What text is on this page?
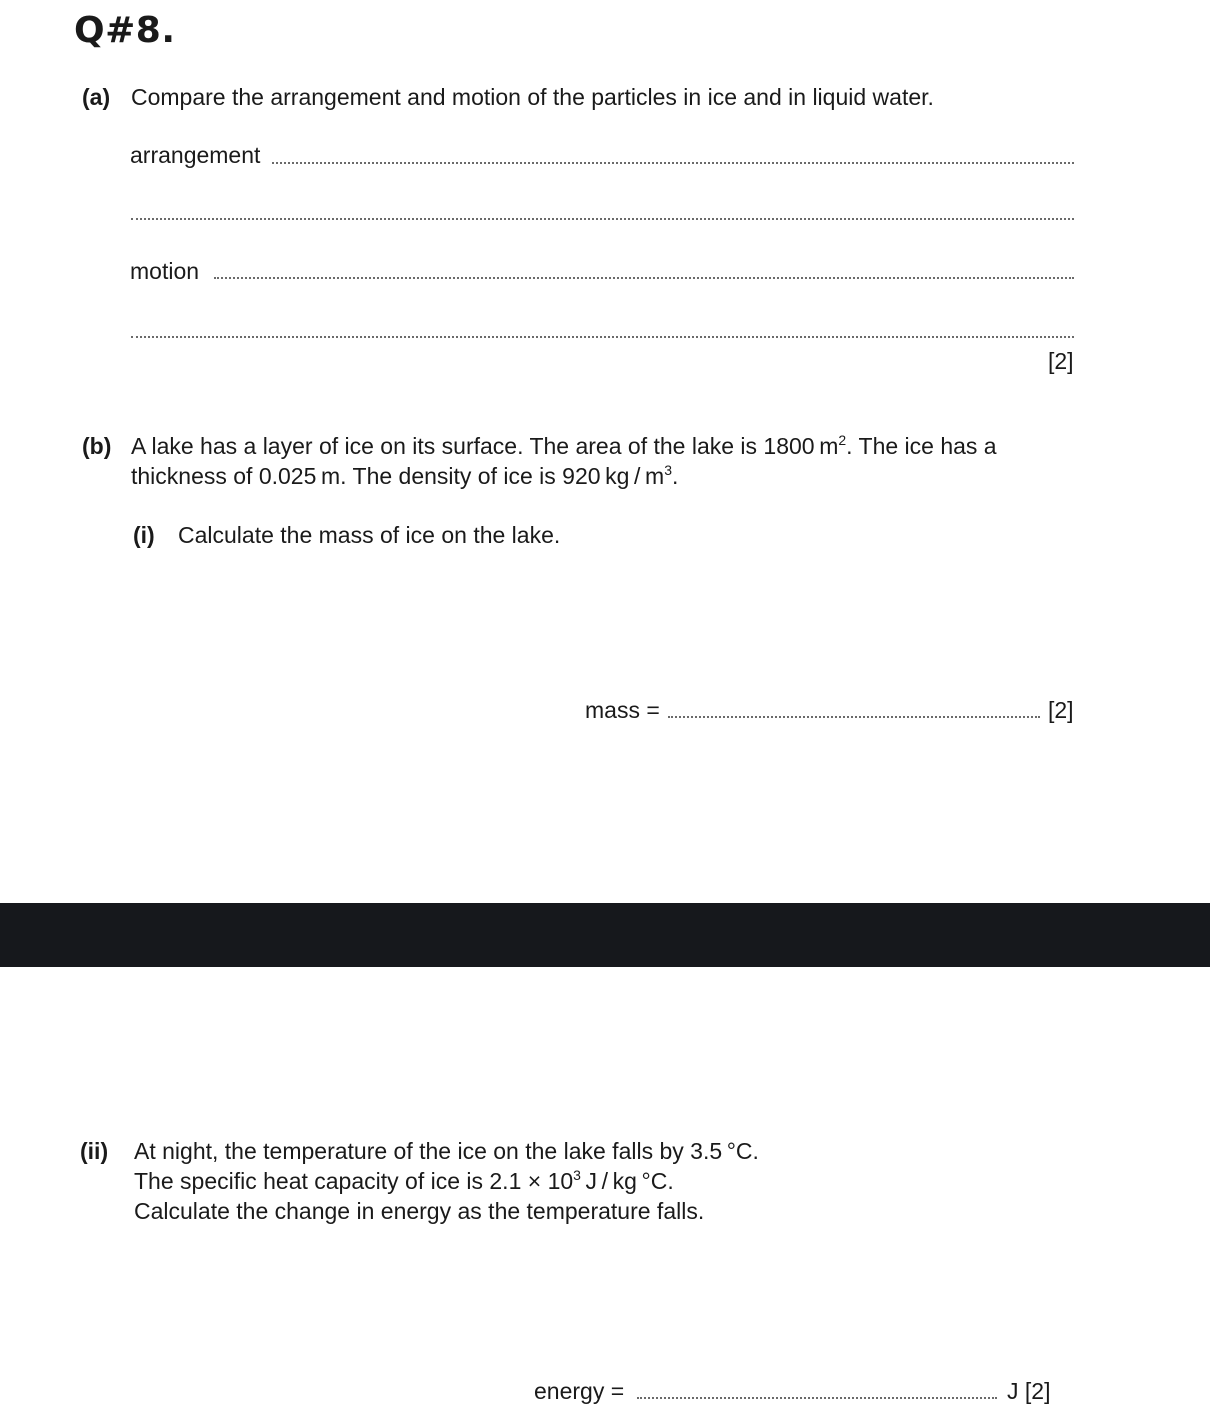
Q#8.
(a) Compare the arrangement and motion of the particles in ice and in liquid water.
arrangement
motion
[2]
(b) A lake has a layer of ice on its surface. The area of the lake is 1800 $m^2$. The ice has a
thickness of 0.025 m. The density of ice is 920 kg / $m^3$.
(i) Calculate the mass of ice on the lake.
mass =	[2]
(ii) At night, the temperature of the ice on the lake falls by 3.5 °C.
The specific heat capacity of ice is $2.1 \times 10^3$ J / kg °C.
Calculate the change in energy as the temperature falls.
energy =	J [2]
